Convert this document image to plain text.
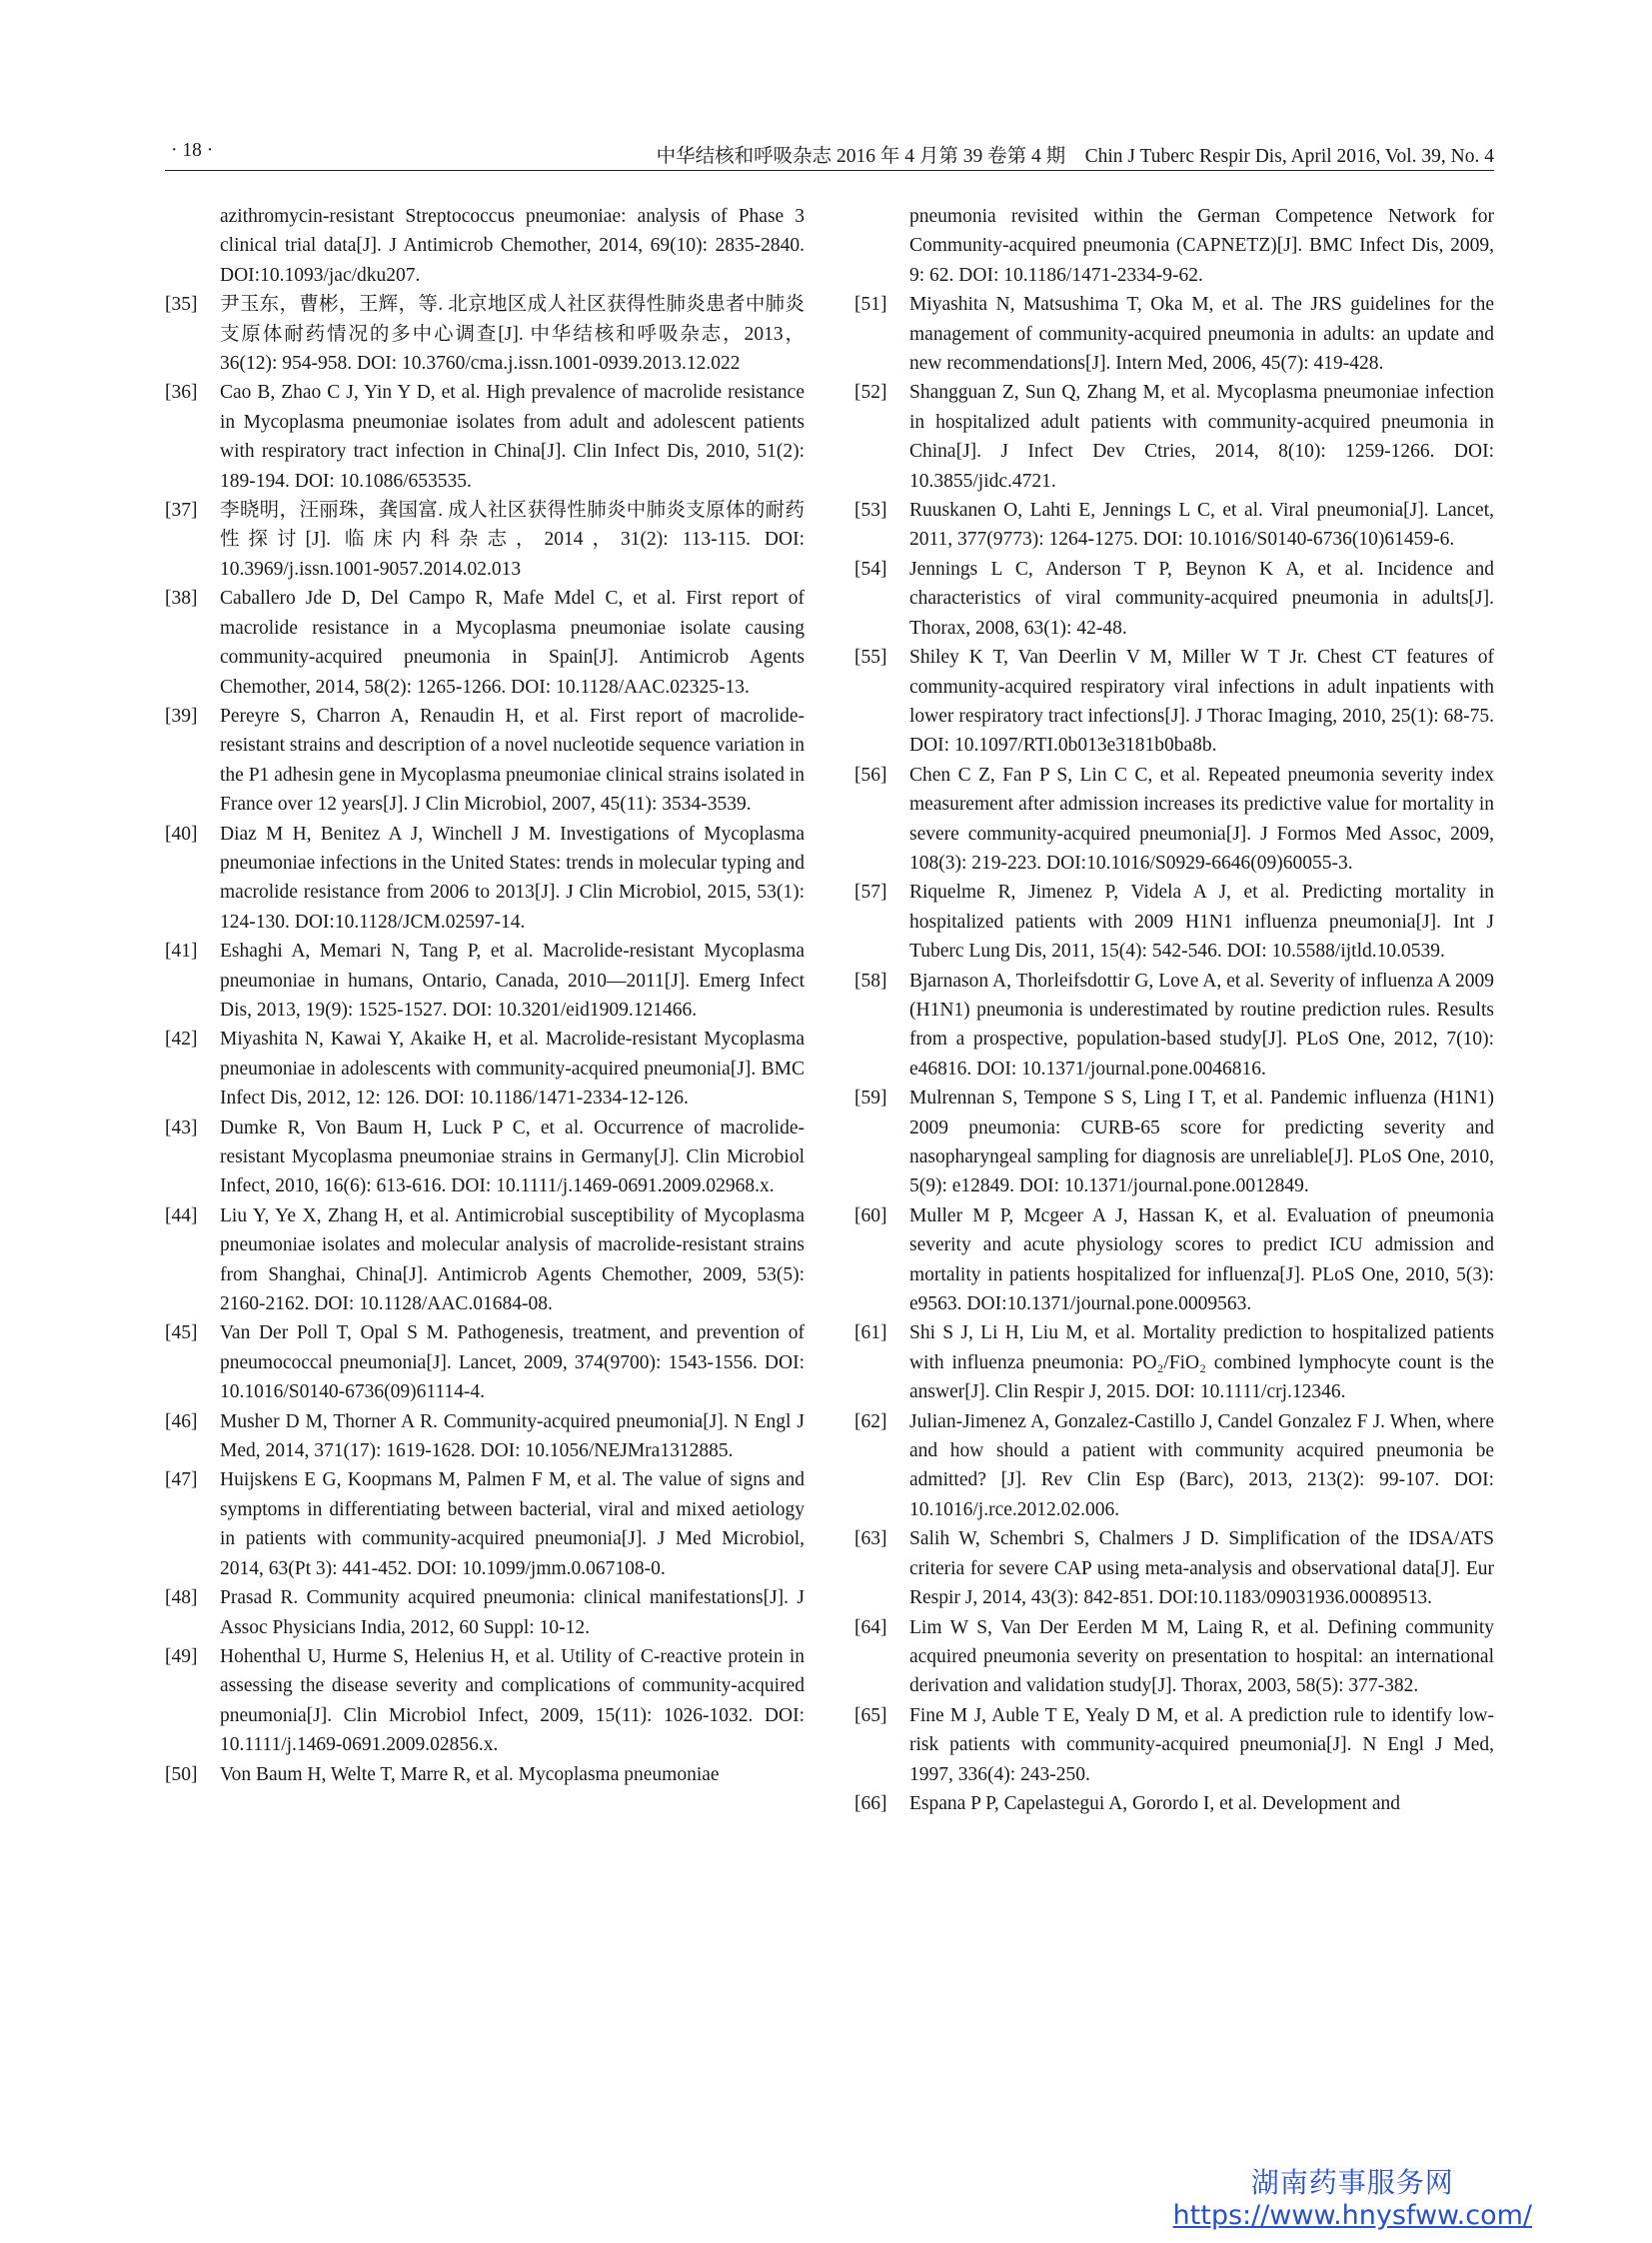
· 18 ·	中华结核和呼吸杂志 2016 年 4 月第 39 卷第 4 期　Chin J Tuberc Respir Dis, April 2016, Vol. 39, No. 4
azithromycin-resistant Streptococcus pneumoniae: analysis of Phase 3 clinical trial data[J]. J Antimicrob Chemother, 2014, 69(10): 2835-2840. DOI:10.1093/jac/dku207.
[35]	尹玉东，曹彬，王辉，等. 北京地区成人社区获得性肺炎患者中肺炎支原体耐药情况的多中心调查[J]. 中华结核和呼吸杂志，2013，36(12): 954-958. DOI: 10.3760/cma.j.issn.1001-0939.2013.12.022
[36]	Cao B, Zhao C J, Yin Y D, et al. High prevalence of macrolide resistance in Mycoplasma pneumoniae isolates from adult and adolescent patients with respiratory tract infection in China[J]. Clin Infect Dis, 2010, 51(2): 189-194. DOI: 10.1086/653535.
[37]	李晓明，汪丽珠，龚国富. 成人社区获得性肺炎中肺炎支原体的耐药性探讨[J]. 临床内科杂志，2014，31(2): 113-115. DOI: 10.3969/j.issn.1001-9057.2014.02.013
[38]	Caballero Jde D, Del Campo R, Mafe Mdel C, et al. First report of macrolide resistance in a Mycoplasma pneumoniae isolate causing community-acquired pneumonia in Spain[J]. Antimicrob Agents Chemother, 2014, 58(2): 1265-1266. DOI: 10.1128/AAC.02325-13.
[39]	Pereyre S, Charron A, Renaudin H, et al. First report of macrolide-resistant strains and description of a novel nucleotide sequence variation in the P1 adhesin gene in Mycoplasma pneumoniae clinical strains isolated in France over 12 years[J]. J Clin Microbiol, 2007, 45(11): 3534-3539.
[40]	Diaz M H, Benitez A J, Winchell J M. Investigations of Mycoplasma pneumoniae infections in the United States: trends in molecular typing and macrolide resistance from 2006 to 2013[J]. J Clin Microbiol, 2015, 53(1): 124-130. DOI:10.1128/JCM.02597-14.
[41]	Eshaghi A, Memari N, Tang P, et al. Macrolide-resistant Mycoplasma pneumoniae in humans, Ontario, Canada, 2010—2011[J]. Emerg Infect Dis, 2013, 19(9): 1525-1527. DOI: 10.3201/eid1909.121466.
[42]	Miyashita N, Kawai Y, Akaike H, et al. Macrolide-resistant Mycoplasma pneumoniae in adolescents with community-acquired pneumonia[J]. BMC Infect Dis, 2012, 12: 126. DOI: 10.1186/1471-2334-12-126.
[43]	Dumke R, Von Baum H, Luck P C, et al. Occurrence of macrolide-resistant Mycoplasma pneumoniae strains in Germany[J]. Clin Microbiol Infect, 2010, 16(6): 613-616. DOI: 10.1111/j.1469-0691.2009.02968.x.
[44]	Liu Y, Ye X, Zhang H, et al. Antimicrobial susceptibility of Mycoplasma pneumoniae isolates and molecular analysis of macrolide-resistant strains from Shanghai, China[J]. Antimicrob Agents Chemother, 2009, 53(5): 2160-2162. DOI: 10.1128/AAC.01684-08.
[45]	Van Der Poll T, Opal S M. Pathogenesis, treatment, and prevention of pneumococcal pneumonia[J]. Lancet, 2009, 374(9700): 1543-1556. DOI: 10.1016/S0140-6736(09)61114-4.
[46]	Musher D M, Thorner A R. Community-acquired pneumonia[J]. N Engl J Med, 2014, 371(17): 1619-1628. DOI: 10.1056/NEJMra1312885.
[47]	Huijskens E G, Koopmans M, Palmen F M, et al. The value of signs and symptoms in differentiating between bacterial, viral and mixed aetiology in patients with community-acquired pneumonia[J]. J Med Microbiol, 2014, 63(Pt 3): 441-452. DOI: 10.1099/jmm.0.067108-0.
[48]	Prasad R. Community acquired pneumonia: clinical manifestations[J]. J Assoc Physicians India, 2012, 60 Suppl: 10-12.
[49]	Hohenthal U, Hurme S, Helenius H, et al. Utility of C-reactive protein in assessing the disease severity and complications of community-acquired pneumonia[J]. Clin Microbiol Infect, 2009, 15(11): 1026-1032. DOI: 10.1111/j.1469-0691.2009.02856.x.
[50]	Von Baum H, Welte T, Marre R, et al. Mycoplasma pneumoniae
pneumonia revisited within the German Competence Network for Community-acquired pneumonia (CAPNETZ)[J]. BMC Infect Dis, 2009, 9: 62. DOI: 10.1186/1471-2334-9-62.
[51]	Miyashita N, Matsushima T, Oka M, et al. The JRS guidelines for the management of community-acquired pneumonia in adults: an update and new recommendations[J]. Intern Med, 2006, 45(7): 419-428.
[52]	Shangguan Z, Sun Q, Zhang M, et al. Mycoplasma pneumoniae infection in hospitalized adult patients with community-acquired pneumonia in China[J]. J Infect Dev Ctries, 2014, 8(10): 1259-1266. DOI: 10.3855/jidc.4721.
[53]	Ruuskanen O, Lahti E, Jennings L C, et al. Viral pneumonia[J]. Lancet, 2011, 377(9773): 1264-1275. DOI: 10.1016/S0140-6736(10)61459-6.
[54]	Jennings L C, Anderson T P, Beynon K A, et al. Incidence and characteristics of viral community-acquired pneumonia in adults[J]. Thorax, 2008, 63(1): 42-48.
[55]	Shiley K T, Van Deerlin V M, Miller W T Jr. Chest CT features of community-acquired respiratory viral infections in adult inpatients with lower respiratory tract infections[J]. J Thorac Imaging, 2010, 25(1): 68-75. DOI: 10.1097/RTI.0b013e3181b0ba8b.
[56]	Chen C Z, Fan P S, Lin C C, et al. Repeated pneumonia severity index measurement after admission increases its predictive value for mortality in severe community-acquired pneumonia[J]. J Formos Med Assoc, 2009, 108(3): 219-223. DOI:10.1016/S0929-6646(09)60055-3.
[57]	Riquelme R, Jimenez P, Videla A J, et al. Predicting mortality in hospitalized patients with 2009 H1N1 influenza pneumonia[J]. Int J Tuberc Lung Dis, 2011, 15(4): 542-546. DOI: 10.5588/ijtld.10.0539.
[58]	Bjarnason A, Thorleifsdottir G, Love A, et al. Severity of influenza A 2009 (H1N1) pneumonia is underestimated by routine prediction rules. Results from a prospective, population-based study[J]. PLoS One, 2012, 7(10): e46816. DOI: 10.1371/journal.pone.0046816.
[59]	Mulrennan S, Tempone S S, Ling I T, et al. Pandemic influenza (H1N1) 2009 pneumonia: CURB-65 score for predicting severity and nasopharyngeal sampling for diagnosis are unreliable[J]. PLoS One, 2010, 5(9): e12849. DOI: 10.1371/journal.pone.0012849.
[60]	Muller M P, Mcgeer A J, Hassan K, et al. Evaluation of pneumonia severity and acute physiology scores to predict ICU admission and mortality in patients hospitalized for influenza[J]. PLoS One, 2010, 5(3): e9563. DOI:10.1371/journal.pone.0009563.
[61]	Shi S J, Li H, Liu M, et al. Mortality prediction to hospitalized patients with influenza pneumonia: PO₂/FiO₂ combined lymphocyte count is the answer[J]. Clin Respir J, 2015. DOI: 10.1111/crj.12346.
[62]	Julian-Jimenez A, Gonzalez-Castillo J, Candel Gonzalez F J. When, where and how should a patient with community acquired pneumonia be admitted? [J]. Rev Clin Esp (Barc), 2013, 213(2): 99-107. DOI: 10.1016/j.rce.2012.02.006.
[63]	Salih W, Schembri S, Chalmers J D. Simplification of the IDSA/ATS criteria for severe CAP using meta-analysis and observational data[J]. Eur Respir J, 2014, 43(3): 842-851. DOI:10.1183/09031936.00089513.
[64]	Lim W S, Van Der Eerden M M, Laing R, et al. Defining community acquired pneumonia severity on presentation to hospital: an international derivation and validation study[J]. Thorax, 2003, 58(5): 377-382.
[65]	Fine M J, Auble T E, Yealy D M, et al. A prediction rule to identify low-risk patients with community-acquired pneumonia[J]. N Engl J Med, 1997, 336(4): 243-250.
[66]	Espana P P, Capelastegui A, Gorordo I, et al. Development and
湖南药事服务网
https://www.hnysfww.com/
